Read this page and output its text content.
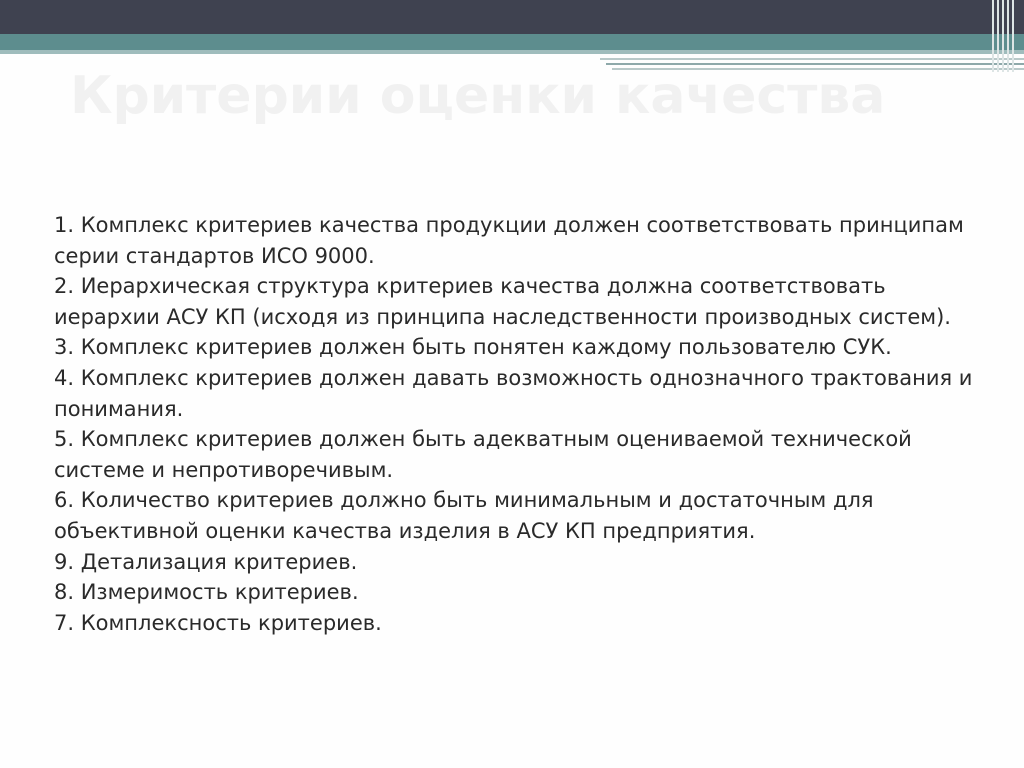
Критерии оценки качества

1. Комплекс критериев качества продукции должен соответствовать принципам серии стандартов ИСО 9000.

2. Иерархическая структура критериев качества должна соответствовать иерархии АСУ КП (исходя из принципа наследственности производных систем).

3. Комплекс критериев должен быть понятен каждому пользователю СУК.

4. Комплекс критериев должен давать возможность однозначного трактования и понимания.

5. Комплекс критериев должен быть адекватным оцениваемой технической системе и непротиворечивым.

6. Количество критериев должно быть минимальным и достаточным для объективной оценки качества изделия в АСУ КП предприятия.

9. Детализация критериев.

8. Измеримость критериев.

7. Комплексность критериев.
